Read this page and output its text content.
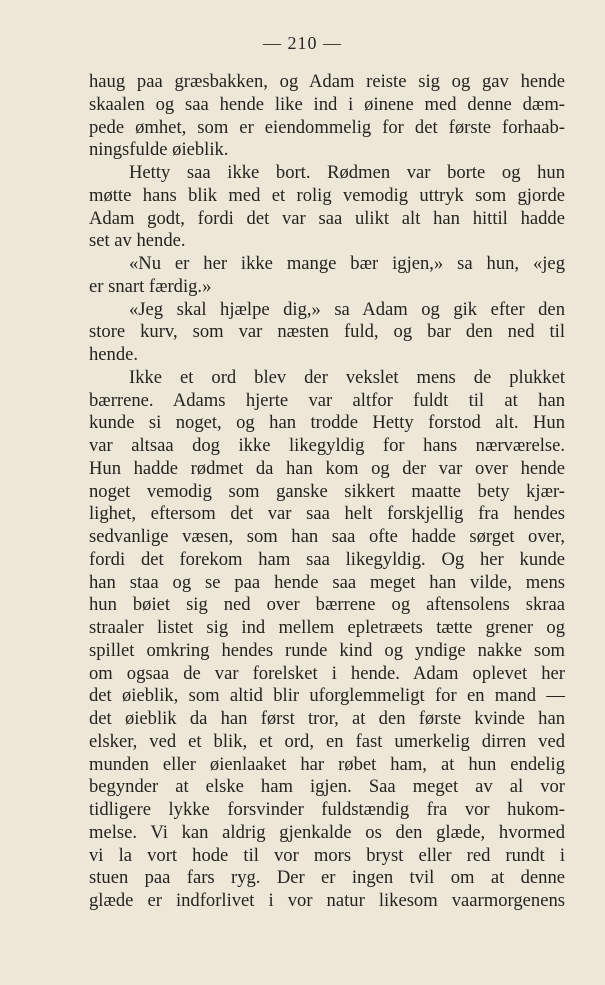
— 210 —
haug paa græsbakken, og Adam reiste sig og gav hende
skaalen og saa hende like ind i øinene med denne dæm-
pede ømhet, som er eiendommelig for det første forhaab-
ningsfulde øieblik.
Hetty saa ikke bort. Rødmen var borte og hun
møtte hans blik med et rolig vemodig uttryk som gjorde
Adam godt, fordi det var saa ulikt alt han hittil hadde
set av hende.
«Nu er her ikke mange bær igjen,» sa hun, «jeg
er snart færdig.»
«Jeg skal hjælpe dig,» sa Adam og gik efter den
store kurv, som var næsten fuld, og bar den ned til
hende.
Ikke et ord blev der vekslet mens de plukket
bærrene. Adams hjerte var altfor fuldt til at han
kunde si noget, og han trodde Hetty forstod alt. Hun
var altsaa dog ikke likegyldig for hans nærværelse.
Hun hadde rødmet da han kom og der var over hende
noget vemodig som ganske sikkert maatte bety kjær-
lighet, eftersom det var saa helt forskjellig fra hendes
sedvanlige væsen, som han saa ofte hadde sørget over,
fordi det forekom ham saa likegyldig. Og her kunde
han staa og se paa hende saa meget han vilde, mens
hun bøiet sig ned over bærrene og aftensolens skraa
straaler listet sig ind mellem epletræets tætte grener og
spillet omkring hendes runde kind og yndige nakke som
om ogsaa de var forelsket i hende. Adam oplevet her
det øieblik, som altid blir uforglemmeligt for en mand —
det øieblik da han først tror, at den første kvinde han
elsker, ved et blik, et ord, en fast umerkelig dirren ved
munden eller øienlaaket har røbet ham, at hun endelig
begynder at elske ham igjen. Saa meget av al vor
tidligere lykke forsvinder fuldstændig fra vor hukom-
melse. Vi kan aldrig gjenkalde os den glæde, hvormed
vi la vort hode til vor mors bryst eller red rundt i
stuen paa fars ryg. Der er ingen tvil om at denne
glæde er indforlivet i vor natur likesom vaarmorgenens
